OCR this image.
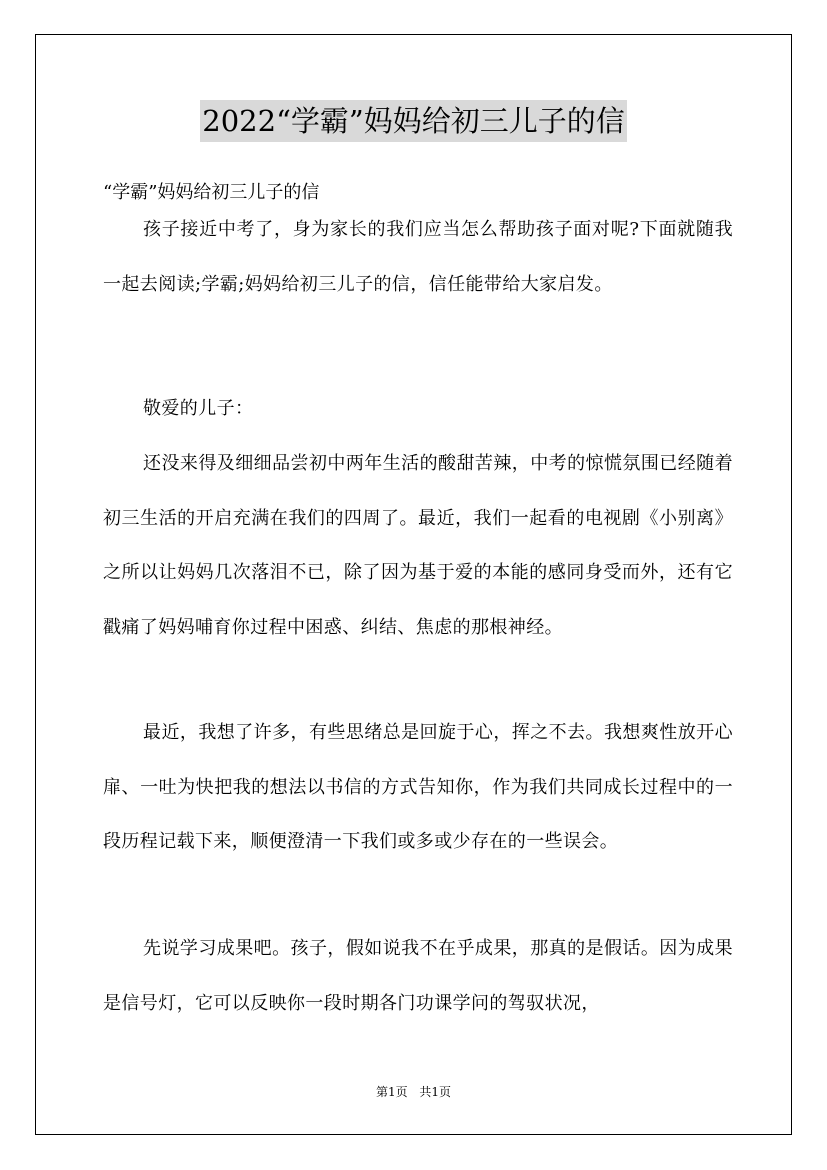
2022“学霸”妈妈给初三儿子的信
“学霸”妈妈给初三儿子的信

孩子接近中考了，身为家长的我们应当怎么帮助孩子面对呢?下面就随我一起去阅读;学霸;妈妈给初三儿子的信，信任能带给大家启发。

敬爱的儿子：

还没来得及细细品尝初中两年生活的酸甜苦辣，中考的惊慌氛围已经随着初三生活的开启充满在我们的四周了。最近，我们一起看的电视剧《小别离》之所以让妈妈几次落泪不已，除了因为基于爱的本能的感同身受而外，还有它戳痛了妈妈哺育你过程中困惑、纠结、焦虑的那根神经。

最近，我想了许多，有些思绪总是回旋于心，挥之不去。我想爽性放开心扉、一吐为快把我的想法以书信的方式告知你，作为我们共同成长过程中的一段历程记载下来，顺便澄清一下我们或多或少存在的一些误会。

先说学习成果吧。孩子，假如说我不在乎成果，那真的是假话。因为成果是信号灯，它可以反映你一段时期各门功课学问的驾驭状况，

第1页 共1页
